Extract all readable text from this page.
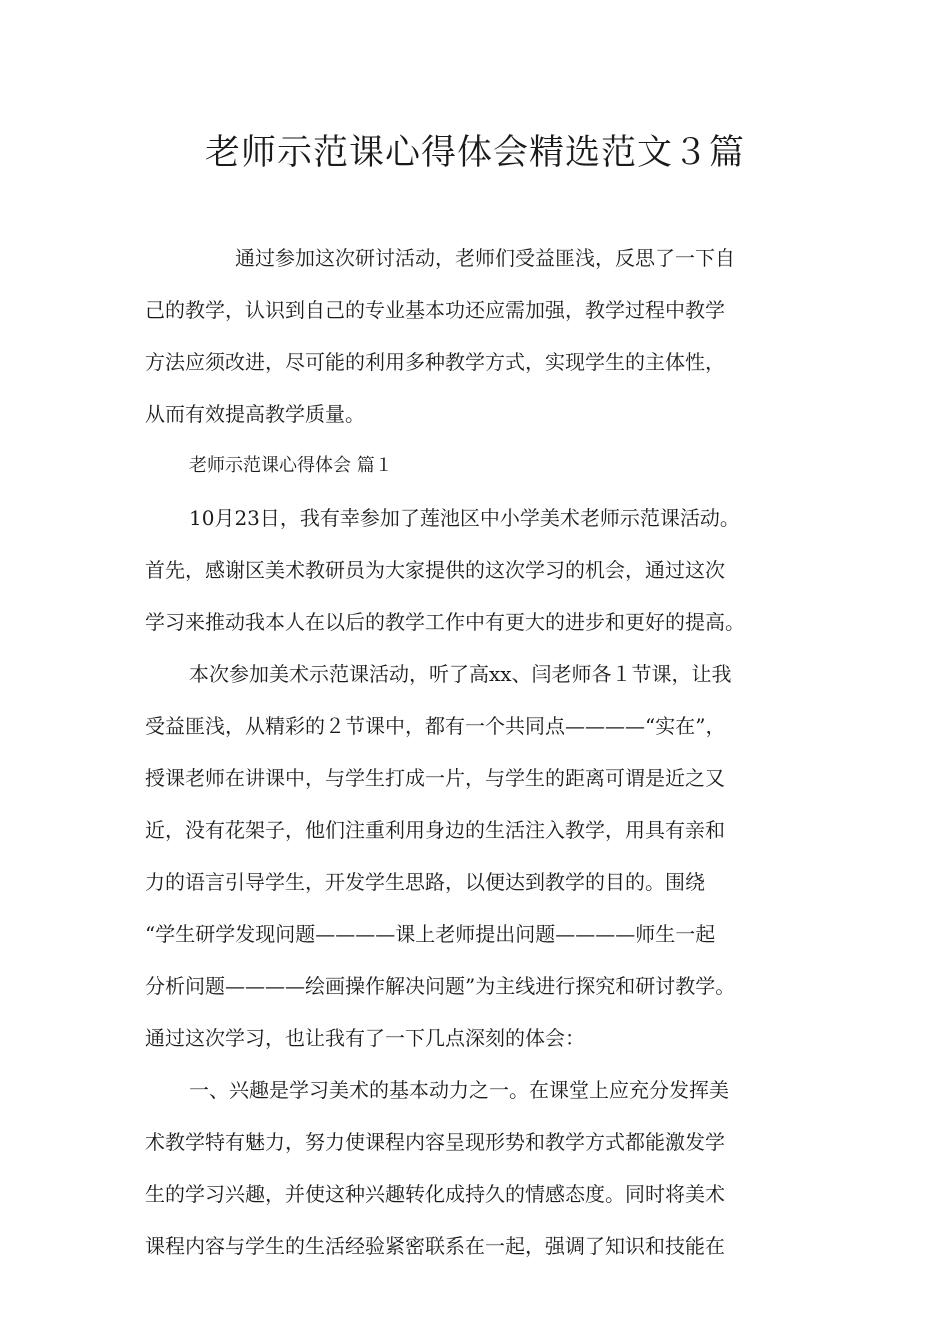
老师示范课心得体会精选范文３篇
通过参加这次研讨活动，老师们受益匪浅，反思了一下自
己的教学，认识到自己的专业基本功还应需加强，教学过程中教学
方法应须改进，尽可能的利用多种教学方式，实现学生的主体性，
从而有效提高教学质量。
老师示范课心得体会 篇１
10月23日，我有幸参加了莲池区中小学美术老师示范课活动。
首先，感谢区美术教研员为大家提供的这次学习的机会，通过这次
学习来推动我本人在以后的教学工作中有更大的进步和更好的提高。
本次参加美术示范课活动，听了高xx、闫老师各１节课，让我
受益匪浅，从精彩的２节课中，都有一个共同点————“实在”，
授课老师在讲课中，与学生打成一片，与学生的距离可谓是近之又
近，没有花架子，他们注重利用身边的生活注入教学，用具有亲和
力的语言引导学生，开发学生思路，以便达到教学的目的。围绕
“学生研学发现问题————课上老师提出问题————师生一起
分析问题————绘画操作解决问题”为主线进行探究和研讨教学。
通过这次学习，也让我有了一下几点深刻的体会：
一、兴趣是学习美术的基本动力之一。在课堂上应充分发挥美
术教学特有魅力，努力使课程内容呈现形势和教学方式都能激发学
生的学习兴趣，并使这种兴趣转化成持久的情感态度。同时将美术
课程内容与学生的生活经验紧密联系在一起，强调了知识和技能在
